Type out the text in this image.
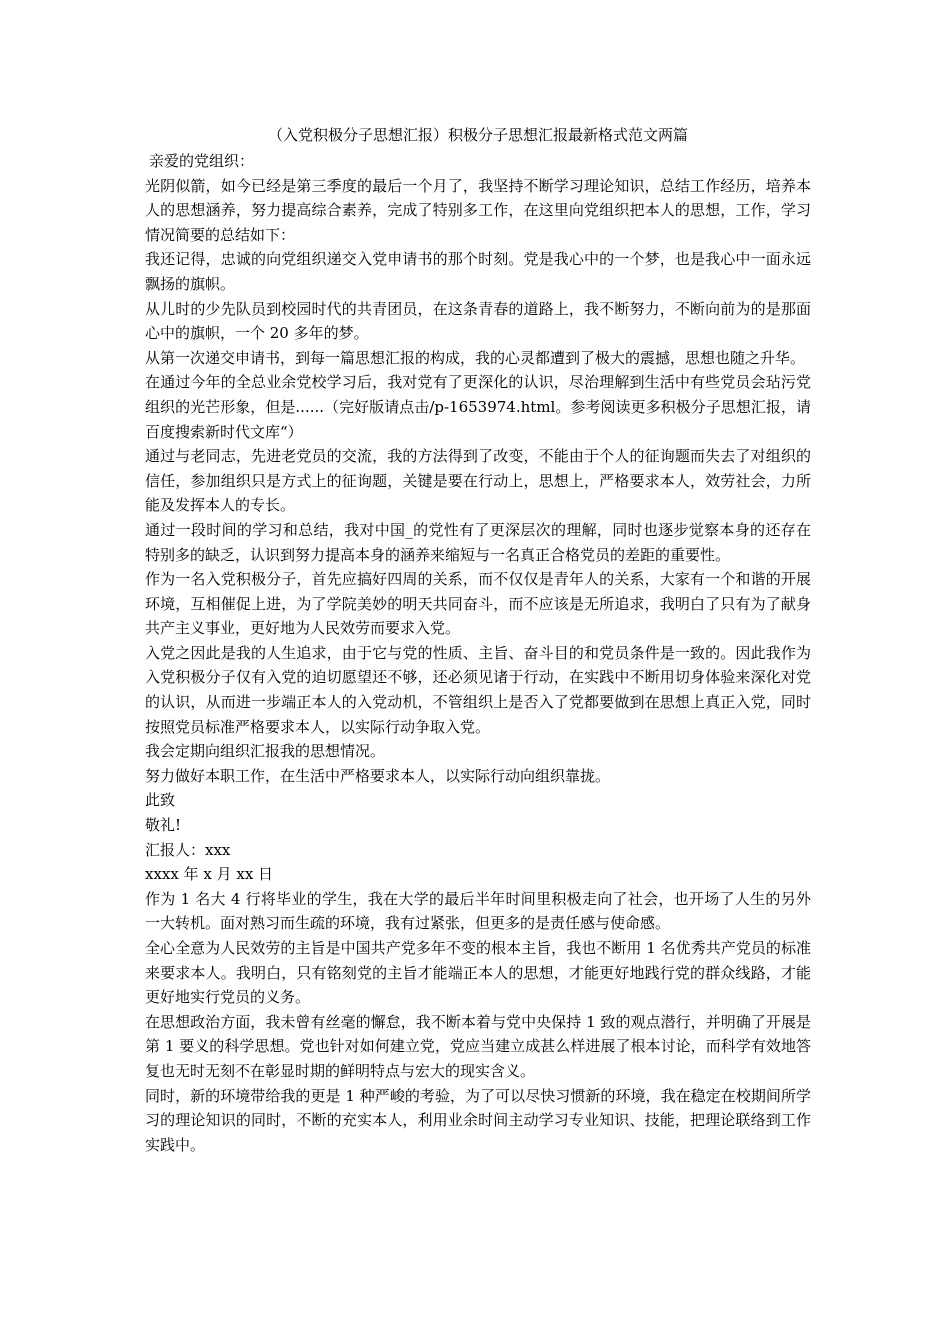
（入党积极分子思想汇报）积极分子思想汇报最新格式范文两篇

亲爱的党组织：

光阴似箭，如今已经是第三季度的最后一个月了，我坚持不断学习理论知识，总结工作经历，培养本人的思想涵养，努力提高综合素养，完成了特别多工作，在这里向党组织把本人的思想，工作，学习情况简要的总结如下：

我还记得，忠诚的向党组织递交入党申请书的那个时刻。党是我心中的一个梦，也是我心中一面永远飘扬的旗帜。

从儿时的少先队员到校园时代的共青团员，在这条青春的道路上，我不断努力，不断向前为的是那面心中的旗帜，一个 20 多年的梦。

从第一次递交申请书，到每一篇思想汇报的构成，我的心灵都遭到了极大的震撼，思想也随之升华。

在通过今年的全总业余党校学习后，我对党有了更深化的认识，尽治理解到生活中有些党员会玷污党组织的光芒形象，但是......（完好版请点击/p-1653974.html。参考阅读更多积极分子思想汇报，请百度搜索新时代文库“）

通过与老同志，先进老党员的交流，我的方法得到了改变，不能由于个人的征询题而失去了对组织的信任，参加组织只是方式上的征询题，关键是要在行动上，思想上，严格要求本人，效劳社会，力所能及发挥本人的专长。

通过一段时间的学习和总结，我对中国_的党性有了更深层次的理解，同时也逐步觉察本身的还存在特别多的缺乏，认识到努力提高本身的涵养来缩短与一名真正合格党员的差距的重要性。

作为一名入党积极分子，首先应搞好四周的关系，而不仅仅是青年人的关系，大家有一个和谐的开展环境，互相催促上进，为了学院美妙的明天共同奋斗，而不应该是无所追求，我明白了只有为了献身共产主义事业，更好地为人民效劳而要求入党。

入党之因此是我的人生追求，由于它与党的性质、主旨、奋斗目的和党员条件是一致的。因此我作为入党积极分子仅有入党的迫切愿望还不够，还必须见诸于行动，在实践中不断用切身体验来深化对党的认识，从而进一步端正本人的入党动机，不管组织上是否入了党都要做到在思想上真正入党，同时按照党员标准严格要求本人，以实际行动争取入党。

我会定期向组织汇报我的思想情况。

努力做好本职工作，在生活中严格要求本人，以实际行动向组织靠拢。

此致

敬礼!

汇报人：xxx

xxxx 年 x 月 xx 日

作为 1 名大 4 行将毕业的学生，我在大学的最后半年时间里积极走向了社会，也开场了人生的另外一大转机。面对熟习而生疏的环境，我有过紧张，但更多的是责任感与使命感。

全心全意为人民效劳的主旨是中国共产党多年不变的根本主旨，我也不断用 1 名优秀共产党员的标准来要求本人。我明白，只有铭刻党的主旨才能端正本人的思想，才能更好地践行党的群众线路，才能更好地实行党员的义务。

在思想政治方面，我未曾有丝毫的懈怠，我不断本着与党中央保持 1 致的观点潜行，并明确了开展是第 1 要义的科学思想。党也针对如何建立党，党应当建立成甚么样进展了根本讨论，而科学有效地答复也无时无刻不在彰显时期的鲜明特点与宏大的现实含义。

同时，新的环境带给我的更是 1 种严峻的考验，为了可以尽快习惯新的环境，我在稳定在校期间所学习的理论知识的同时，不断的充实本人，利用业余时间主动学习专业知识、技能，把理论联络到工作实践中。
